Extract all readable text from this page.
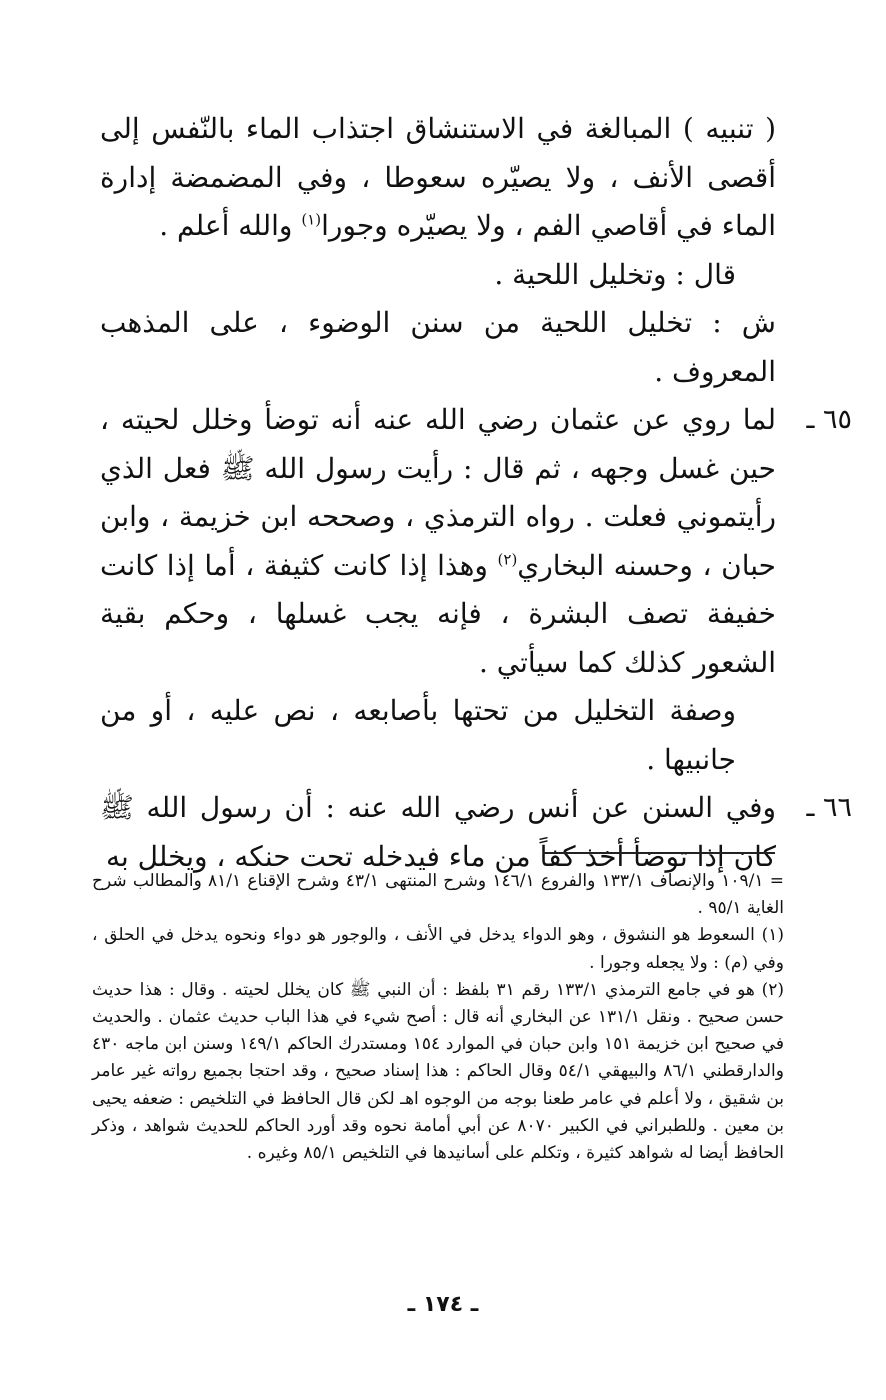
( تنبيه ) المبالغة في الاستنشاق اجتذاب الماء بالنّفس إلى أقصى الأنف ، ولا يصيّره سعوطا ، وفي المضمضة إدارة الماء في أقاصي الفم ، ولا يصيّره وجورا$^{(١)}$ والله أعلم .

قال : وتخليل اللحية .

ش : تخليل اللحية من سنن الوضوء ، على المذهب المعروف .

٦٥ ـ
لما روي عن عثمان رضي الله عنه أنه توضأ وخلل لحيته ، حين غسل وجهه ، ثم قال : رأيت رسول الله ﷺ فعل الذي رأيتموني فعلت . رواه الترمذي ، وصححه ابن خزيمة ، وابن حبان ، وحسنه البخاري$^{(٢)}$ وهذا إذا كانت كثيفة ، أما إذا كانت خفيفة تصف البشرة ، فإنه يجب غسلها ، وحكم بقية الشعور كذلك كما سيأتي .

وصفة التخليل من تحتها بأصابعه ، نص عليه ، أو من جانبيها .

٦٦ ـ
وفي السنن عن أنس رضي الله عنه : أن رسول الله ﷺ كان إذا توضأ أخذ كفاً من ماء فيدخله تحت حنكه ، ويخلل به

= ١٠٩/١ والإنصاف ١٣٣/١ والفروع ١٤٦/١ وشرح المنتهى ٤٣/١ وشرح الإقناع ٨١/١ والمطالب شرح الغاية ٩٥/١ .

(١) السعوط هو النشوق ، وهو الدواء يدخل في الأنف ، والوجور هو دواء ونحوه يدخل في الحلق ، وفي (م) : ولا يجعله وجورا .

(٢) هو في جامع الترمذي ١٣٣/١ رقم ٣١ بلفظ : أن النبي ﷺ كان يخلل لحيته . وقال : هذا حديث حسن صحيح . ونقل ١٣١/١ عن البخاري أنه قال : أصح شيء في هذا الباب حديث عثمان . والحديث في صحيح ابن خزيمة ١٥١ وابن حبان في الموارد ١٥٤ ومستدرك الحاكم ١٤٩/١ وسنن ابن ماجه ٤٣٠ والدارقطني ٨٦/١ والبيهقي ٥٤/١ وقال الحاكم : هذا إسناد صحيح ، وقد احتجا بجميع رواته غير عامر بن شقيق ، ولا أعلم في عامر طعنا بوجه من الوجوه اهـ لكن قال الحافظ في التلخيص : ضعفه يحيى بن معين . وللطبراني في الكبير ٨٠٧٠ عن أبي أمامة نحوه وقد أورد الحاكم للحديث شواهد ، وذكر الحافظ أيضا له شواهد كثيرة ، وتكلم على أسانيدها في التلخيص ٨٥/١ وغيره .

ـ ١٧٤ ـ
